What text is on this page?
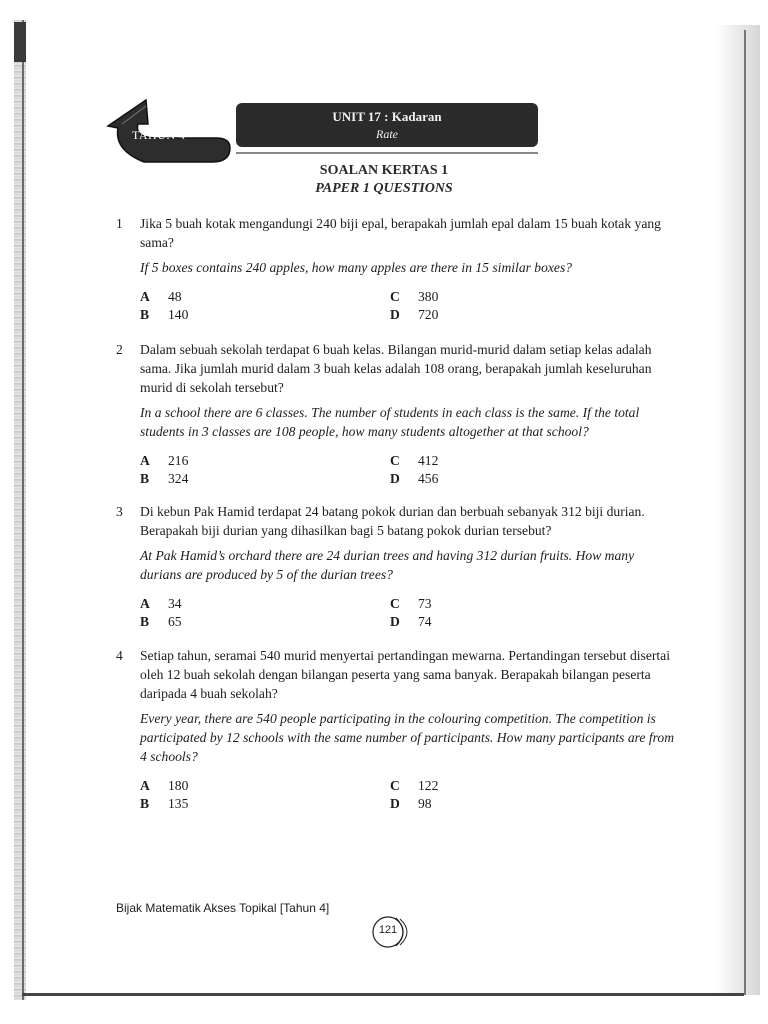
TAHUN 4
UNIT 17 : Kadaran
Rate
SOALAN KERTAS 1
PAPER 1 QUESTIONS
1	Jika 5 buah kotak mengandungi 240 biji epal, berapakah jumlah epal dalam 15 buah kotak yang sama?
If 5 boxes contains 240 apples, how many apples are there in 15 similar boxes?
A 48
B 140
C 380
D 720
2	Dalam sebuah sekolah terdapat 6 buah kelas. Bilangan murid-murid dalam setiap kelas adalah sama. Jika jumlah murid dalam 3 buah kelas adalah 108 orang, berapakah jumlah keseluruhan murid di sekolah tersebut?
In a school there are 6 classes. The number of students in each class is the same. If the total students in 3 classes are 108 people, how many students altogether at that school?
A 216
B 324
C 412
D 456
3	Di kebun Pak Hamid terdapat 24 batang pokok durian dan berbuah sebanyak 312 biji durian. Berapakah biji durian yang dihasilkan bagi 5 batang pokok durian tersebut?
At Pak Hamid’s orchard there are 24 durian trees and having 312 durian fruits. How many durians are produced by 5 of the durian trees?
A 34
B 65
C 73
D 74
4	Setiap tahun, seramai 540 murid menyertai pertandingan mewarna. Pertandingan tersebut disertai oleh 12 buah sekolah dengan bilangan peserta yang sama banyak. Berapakah bilangan peserta daripada 4 buah sekolah?
Every year, there are 540 people participating in the colouring competition. The competition is participated by 12 schools with the same number of participants. How many participants are from 4 schools?
A 180
B 135
C 122
D 98
Bijak Matematik Akses Topikal [Tahun 4]
121
